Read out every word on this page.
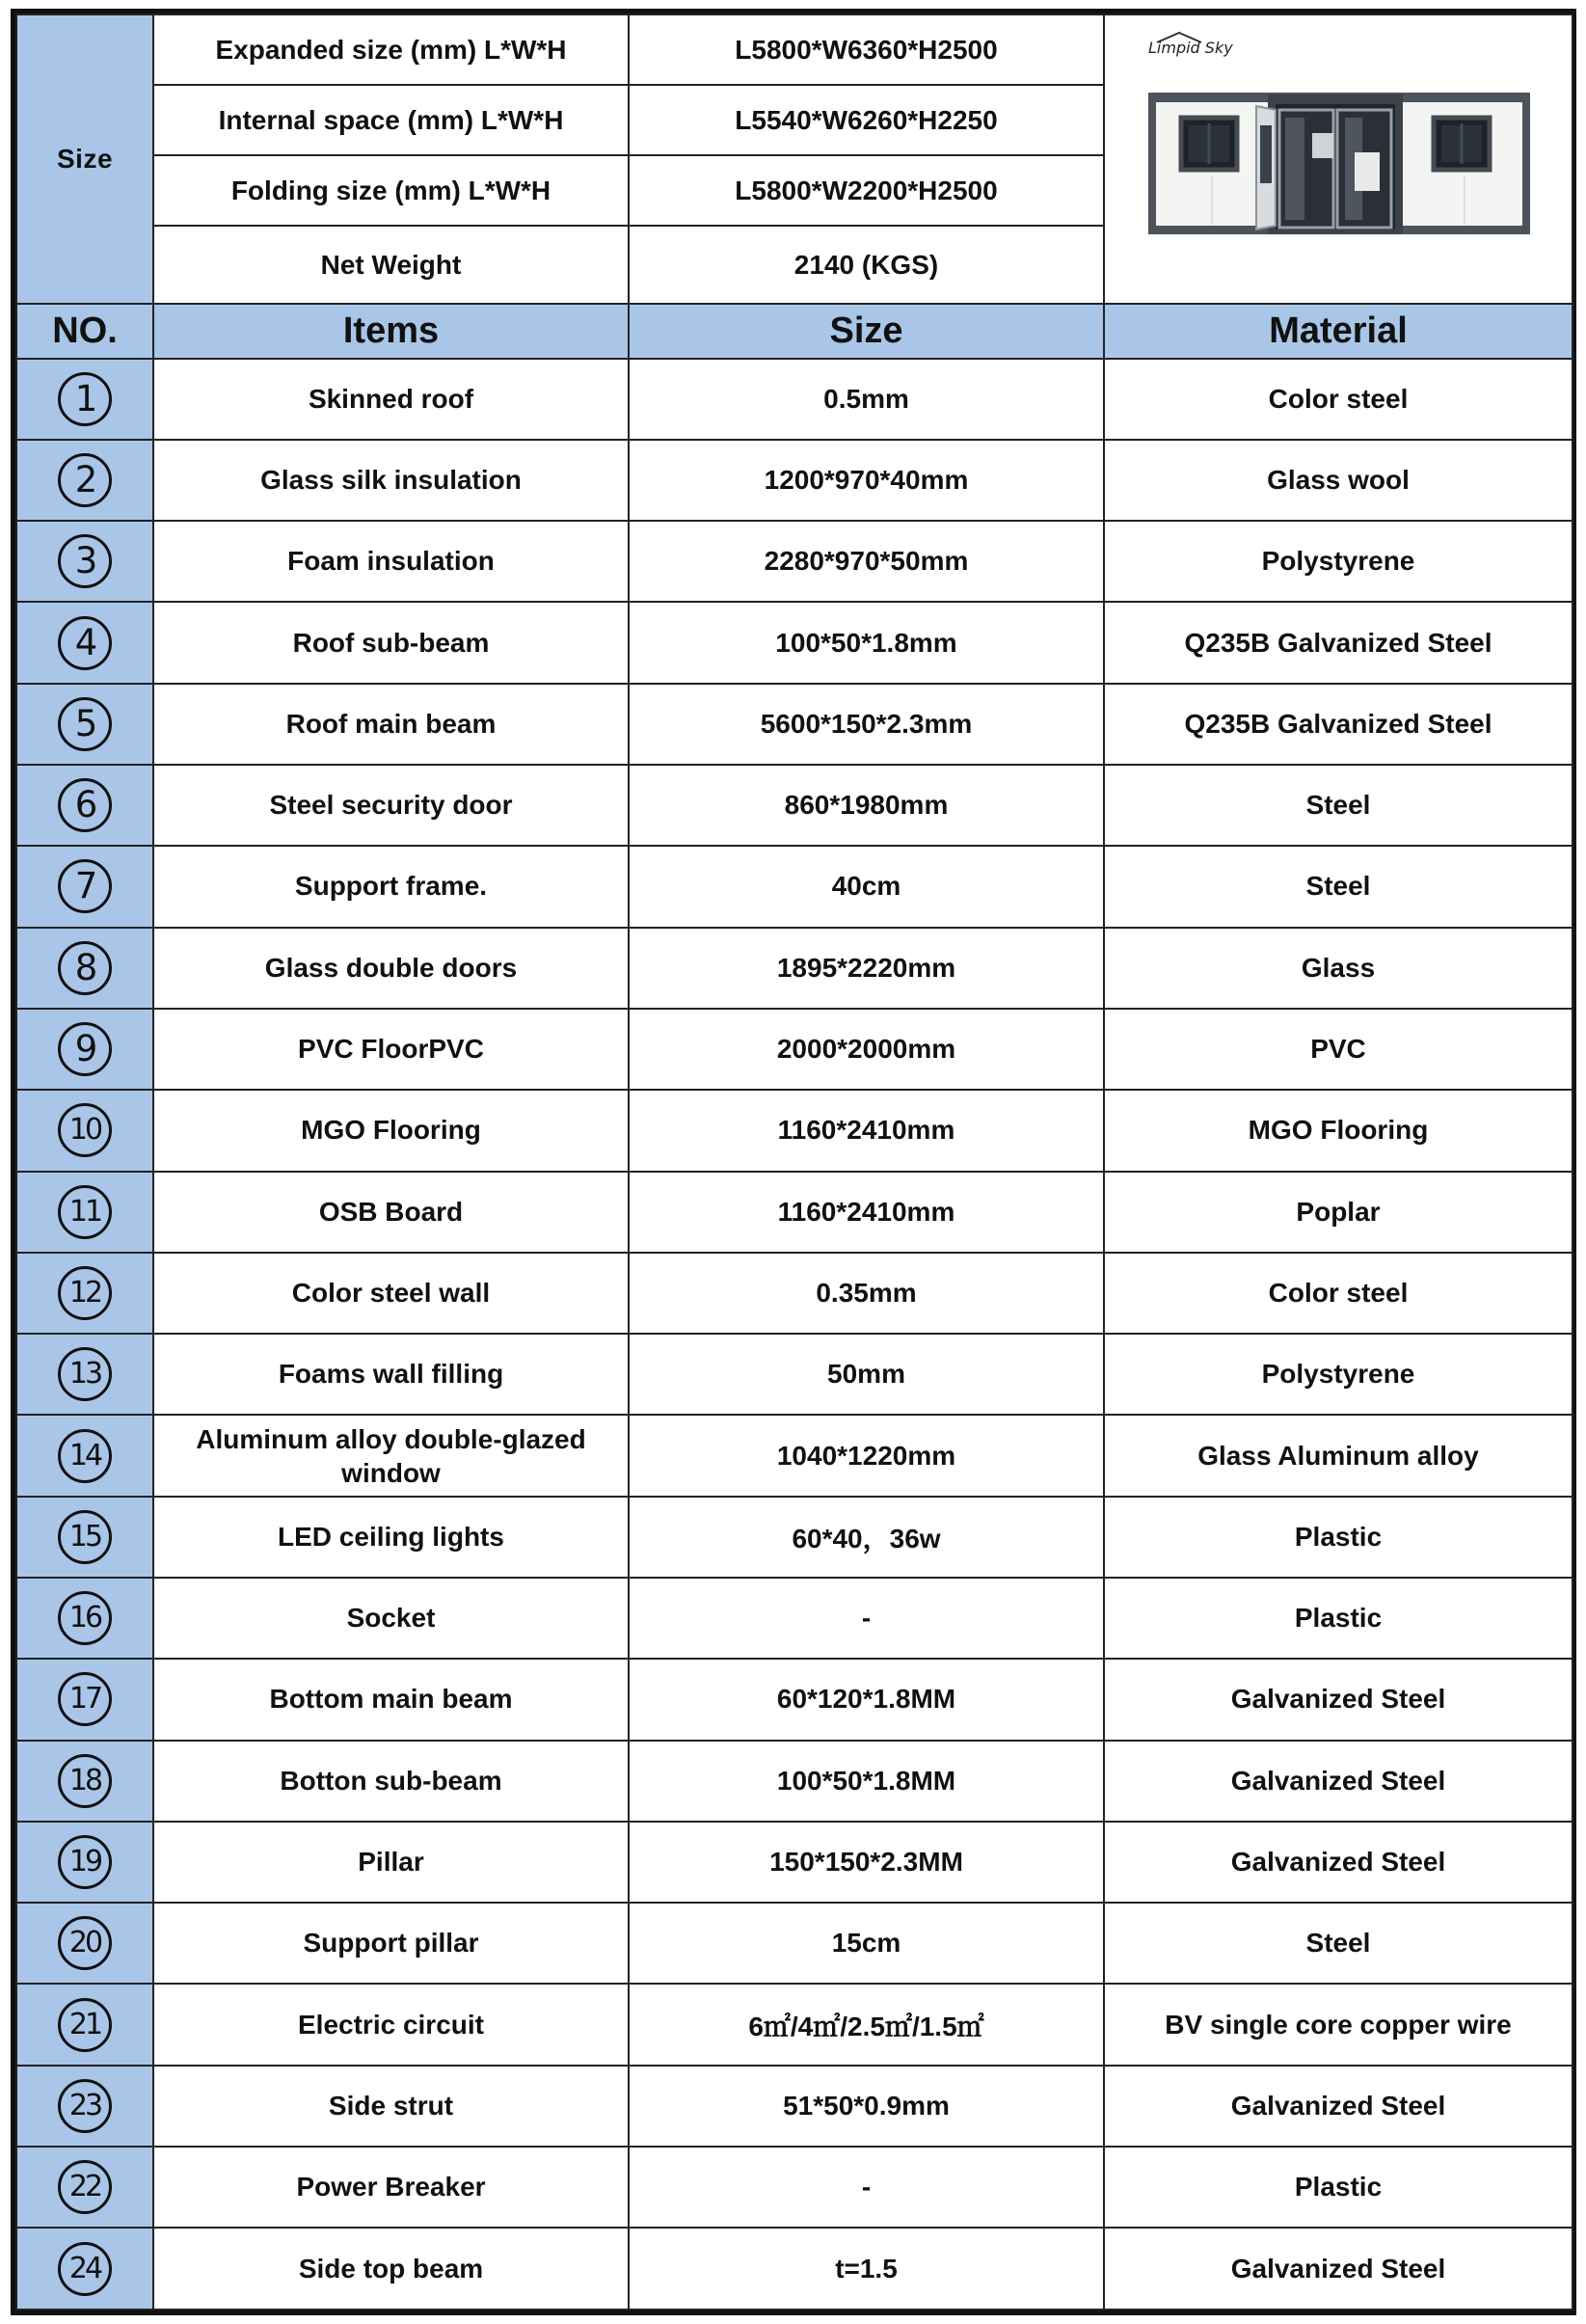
Size	Expanded size (mm) L*W*H	L5800*W6360*H2500	Limpid Sky

	Internal space (mm) L*W*H	L5540*W6260*H2250	
	Folding size (mm) L*W*H	L5800*W2200*H2500	
	Net Weight	2140 (KGS)	
NO.	Items	Size	Material
1	Skinned roof	0.5mm	Color steel
2	Glass silk insulation	1200*970*40mm	Glass wool
3	Foam insulation	2280*970*50mm	Polystyrene
4	Roof sub-beam	100*50*1.8mm	Q235B Galvanized Steel
5	Roof main beam	5600*150*2.3mm	Q235B Galvanized Steel
6	Steel security door	860*1980mm	Steel
7	Support frame.	40cm	Steel
8	Glass double doors	1895*2220mm	Glass
9	PVC FloorPVC	2000*2000mm	PVC
10	MGO Flooring	1160*2410mm	MGO Flooring
11	OSB Board	1160*2410mm	Poplar
12	Color steel wall	0.35mm	Color steel
13	Foams wall filling	50mm	Polystyrene
14	Aluminum alloy double-glazed window	1040*1220mm	Glass Aluminum alloy
15	LED ceiling lights	60*40，36w	Plastic
16	Socket	-	Plastic
17	Bottom main beam	60*120*1.8MM	Galvanized Steel
18	Botton sub-beam	100*50*1.8MM	Galvanized Steel
19	Pillar	150*150*2.3MM	Galvanized Steel
20	Support pillar	15cm	Steel
21	Electric circuit	6㎡/4㎡/2.5㎡/1.5㎡	BV single core copper wire
23	Side strut	51*50*0.9mm	Galvanized Steel
22	Power Breaker	-	Plastic
24	Side top beam	t=1.5	Galvanized Steel
